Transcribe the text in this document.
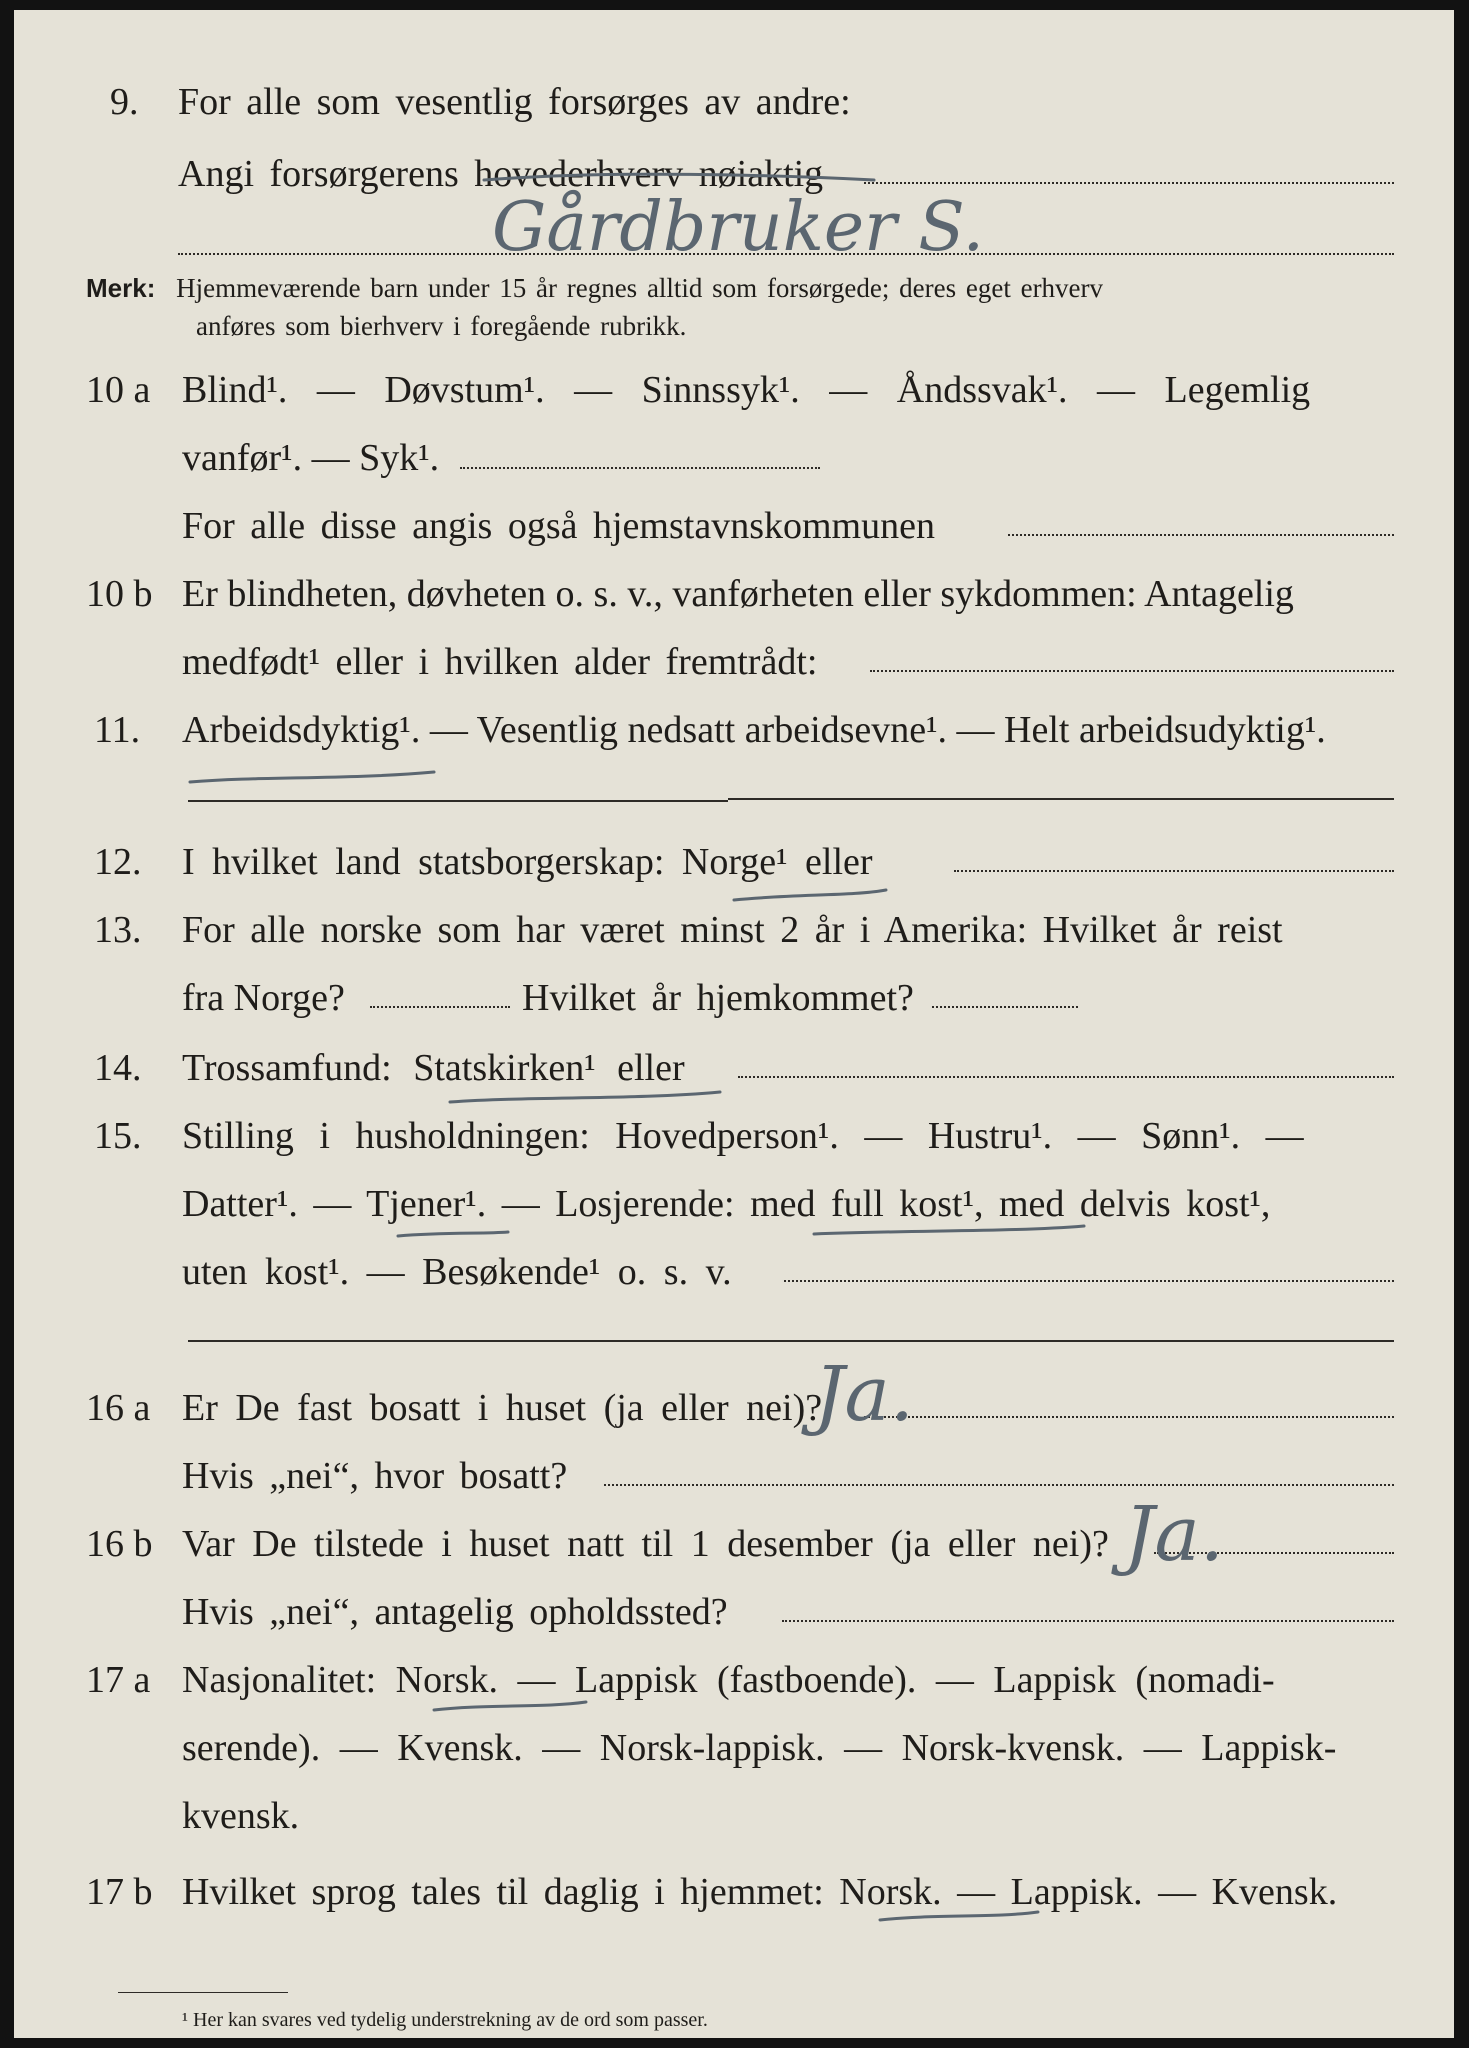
9. For alle som vesentlig forsørges av andre:
Angi forsørgerens hovederhverv nøiaktig
Merk: Hjemmeværende barn under 15 år regnes alltid som forsørgede; deres eget erhverv
anføres som bierhverv i foregående rubrikk.
10 a Blind¹. — Døvstum¹. — Sinnssyk¹. — Åndssvak¹. — Legemlig
vanfør¹. — Syk¹.
For alle disse angis også hjemstavnskommunen
10 b Er blindheten, døvheten o. s. v., vanførheten eller sykdommen: Antagelig
medfødt¹ eller i hvilken alder fremtrådt:
11. Arbeidsdyktig¹. — Vesentlig nedsatt arbeidsevne¹. — Helt arbeidsudyktig¹.
12. I hvilket land statsborgerskap: Norge¹ eller
13. For alle norske som har været minst 2 år i Amerika: Hvilket år reist
fra Norge?	Hvilket år hjemkommet?
14. Trossamfund: Statskirken¹ eller
15. Stilling i husholdningen: Hovedperson¹. — Hustru¹. — Sønn¹. —
Datter¹. — Tjener¹. — Losjerende: med full kost¹, med delvis kost¹,
uten kost¹. — Besøkende¹ o. s. v.
16 a Er De fast bosatt i huset (ja eller nei)?
Hvis „nei“, hvor bosatt?
16 b Var De tilstede i huset natt til 1 desember (ja eller nei)?
Hvis „nei“, antagelig opholdssted?
17 a Nasjonalitet: Norsk. — Lappisk (fastboende). — Lappisk (nomadi-
serende). — Kvensk. — Norsk-lappisk. — Norsk-kvensk. — Lappisk-
kvensk.
17 b Hvilket sprog tales til daglig i hjemmet: Norsk. — Lappisk. — Kvensk.
¹ Her kan svares ved tydelig understrekning av de ord som passer.
Gårdbruker S.
Ja.
Ja.
